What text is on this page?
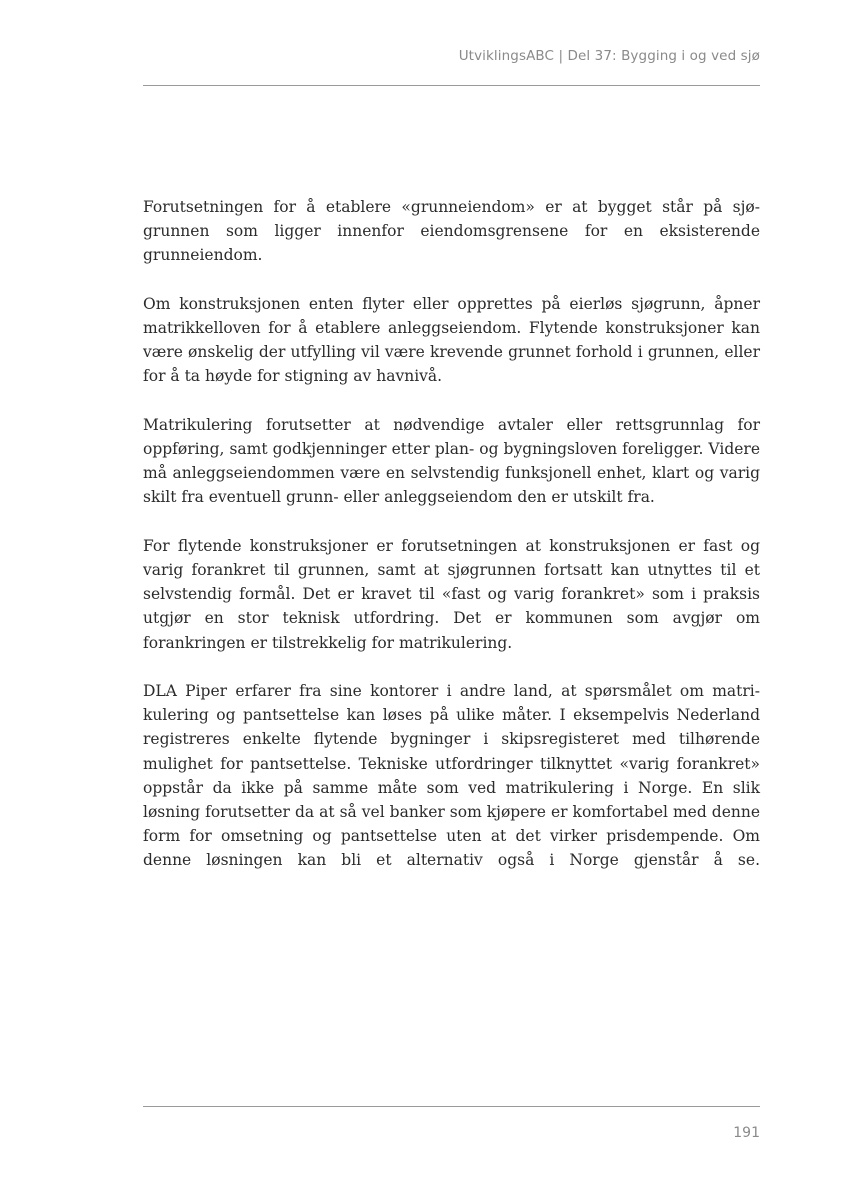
UtviklingsABC | Del 37: Bygging i og ved sjø

Forutsetningen for å etablere «grunneiendom» er at bygget står på sjøgrunnen som ligger innenfor eiendomsgrensene for en eksisterende grunneiendom.

Om konstruksjonen enten flyter eller opprettes på eierløs sjøgrunn, åpner matrikkelloven for å etablere anleggseiendom. Flytende konstruksjoner kan være ønskelig der utfylling vil være krevende grunnet forhold i grunnen, eller for å ta høyde for stigning av havnivå.

Matrikulering forutsetter at nødvendige avtaler eller rettsgrunnlag for oppføring, samt godkjenninger etter plan- og bygningsloven foreligger. Videre må anleggseiendommen være en selvstendig funksjonell enhet, klart og varig skilt fra eventuell grunn- eller anleggseiendom den er utskilt fra.

For flytende konstruksjoner er forutsetningen at konstruksjonen er fast og varig forankret til grunnen, samt at sjøgrunnen fortsatt kan utnyttes til et selvstendig formål. Det er kravet til «fast og varig forankret» som i praksis utgjør en stor teknisk utfordring. Det er kommunen som avgjør om forankringen er tilstrekkelig for matrikulering.

DLA Piper erfarer fra sine kontorer i andre land, at spørsmålet om matrikulering og pantsettelse kan løses på ulike måter. I eksempelvis Nederland registreres enkelte flytende bygninger i skipsregisteret med tilhørende mulighet for pantsettelse. Tekniske utfordringer tilknyttet «varig forankret» oppstår da ikke på samme måte som ved matrikulering i Norge. En slik løsning forutsetter da at så vel banker som kjøpere er komfortabel med denne form for omsetning og pantsettelse uten at det virker prisdempende. Om denne løsningen kan bli et alternativ også i Norge gjenstår å se.

191
